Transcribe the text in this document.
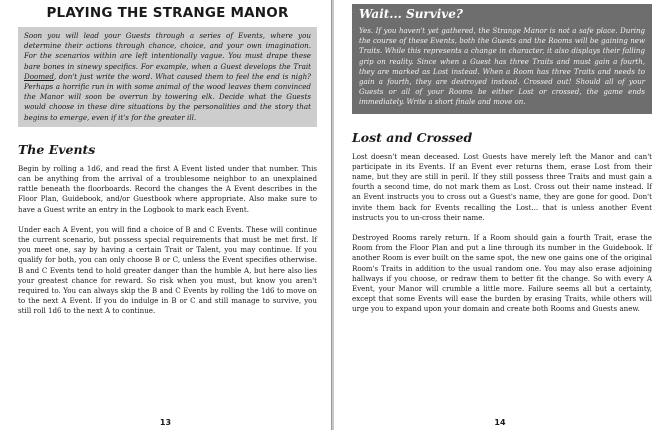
PLAYING THE STRANGE MANOR
Soon you will lead your Guests through a series of Events, where you determine their actions through chance, choice, and your own imagination. For the scenarios within are left intentionally vague. You must drape these bare bones in sinewy specifics. For example, when a Guest develops the Trait Doomed, don't just write the word. What caused them to feel the end is nigh? Perhaps a horrific run in with some animal of the wood leaves them convinced the Manor will soon be overrun by towering elk. Decide what the Guests would choose in these dire situations by the personalities and the story that begins to emerge, even if it's for the greater ill.
The Events

Begin by rolling a 1d6, and read the first A Event listed under that number. This can be anything from the arrival of a troublesome neighbor to an unexplained rattle beneath the floorboards. Record the changes the A Event describes in the Floor Plan, Guidebook, and/or Guestbook where appropriate. Also make sure to have a Guest write an entry in the Logbook to mark each Event.

Under each A Event, you will find a choice of B and C Events. These will continue the current scenario, but possess special requirements that must be met first. If you meet one, say by having a certain Trait or Talent, you may continue. If you qualify for both, you can only choose B or C, unless the Event specifies otherwise. B and C Events tend to hold greater danger than the humble A, but here also lies your greatest chance for reward. So risk when you must, but know you aren't required to. You can always skip the B and C Events by rolling the 1d6 to move on to the next A Event. If you do indulge in B or C and still manage to survive, you still roll 1d6 to the next A to continue.

13
Wait... Survive?

Yes. If you haven't yet gathered, the Strange Manor is not a safe place. During the course of these Events, both the Guests and the Rooms will be gaining new Traits. While this represents a change in character, it also displays their falling grip on reality. Since when a Guest has three Traits and must gain a fourth, they are marked as Lost instead. When a Room has three Traits and needs to gain a fourth, they are destroyed instead. Crossed out! Should all of your Guests or all of your Rooms be either Lost or crossed, the game ends immediately. Write a short finale and move on.

Lost and Crossed

Lost doesn't mean deceased. Lost Guests have merely left the Manor and can't participate in its Events. If an Event ever returns them, erase Lost from their name, but they are still in peril. If they still possess three Traits and must gain a fourth a second time, do not mark them as Lost. Cross out their name instead. If an Event instructs you to cross out a Guest's name, they are gone for good. Don't invite them back for Events recalling the Lost... that is unless another Event instructs you to un-cross their name.

Destroyed Rooms rarely return. If a Room should gain a fourth Trait, erase the Room from the Floor Plan and put a line through its number in the Guidebook. If another Room is ever built on the same spot, the new one gains one of the original Room's Traits in addition to the usual random one. You may also erase adjoining hallways if you choose, or redraw them to better fit the change. So with every A Event, your Manor will crumble a little more. Failure seems all but a certainty, except that some Events will ease the burden by erasing Traits, while others will urge you to expand upon your domain and create both Rooms and Guests anew.

14
